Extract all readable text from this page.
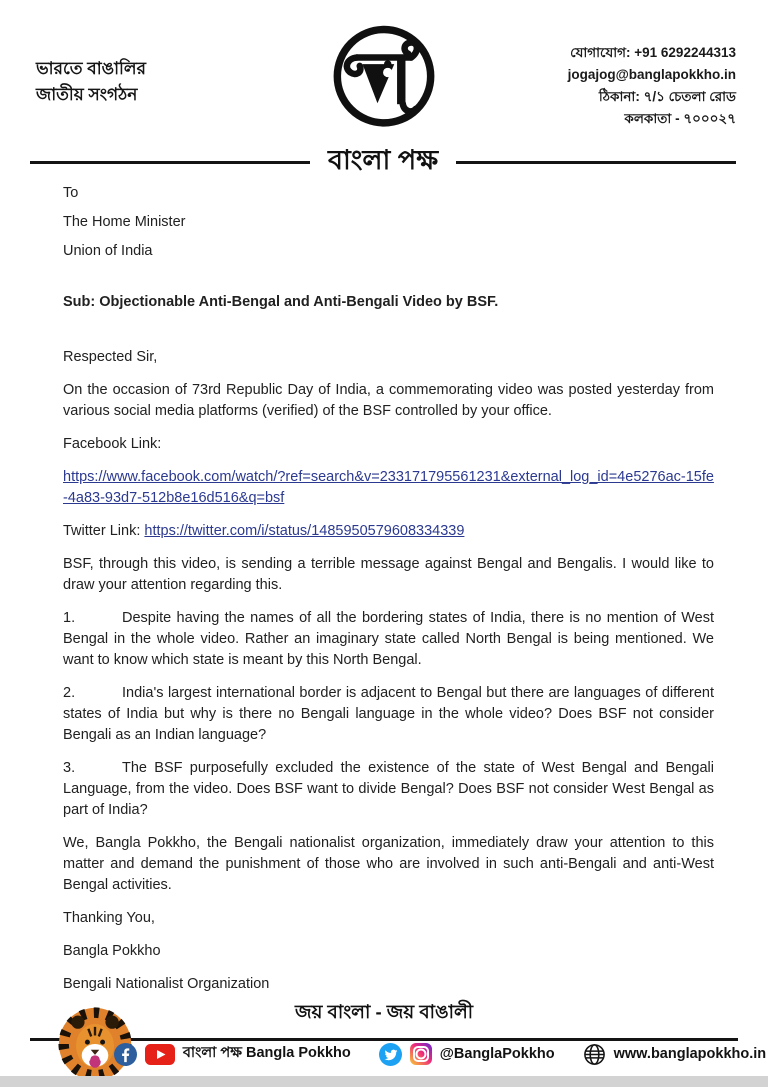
ভারতে বাঙালির
জাতীয় সংগঠন
যোগাযোগ: +91 6292244313
jogajog@banglapokkho.in
ঠিকানা: ৭/১ চেতলা রোড
কলকাতা - ৭০০০২৭
বাংলা পক্ষ

To

The Home Minister

Union of India

Sub: Objectionable Anti-Bengal and Anti-Bengali Video by BSF.

Respected Sir,

On the occasion of 73rd Republic Day of India, a commemorating video was posted yesterday from various social media platforms (verified) of the BSF controlled by your office.

Facebook Link:

https://www.facebook.com/watch/?ref=search&v=233171795561231&external_log_id=4e5276ac-15fe-4a83-93d7-512b8e16d516&q=bsf

Twitter Link: https://twitter.com/i/status/1485950579608334339

BSF, through this video, is sending a terrible message against Bengal and Bengalis. I would like to draw your attention regarding this.

1.	Despite having the names of all the bordering states of India, there is no mention of West Bengal in the whole video. Rather an imaginary state called North Bengal is being mentioned. We want to know which state is meant by this North Bengal.

2.	India's largest international border is adjacent to Bengal but there are languages of different states of India but why is there no Bengali language in the whole video? Does BSF not consider Bengali as an Indian language?

3.	The BSF purposefully excluded the existence of the state of West Bengal and Bengali Language, from the video. Does BSF want to divide Bengal? Does BSF not consider West Bengal as part of India?

We, Bangla Pokkho, the Bengali nationalist organization, immediately draw your attention to this matter and demand the punishment of those who are involved in such anti-Bengali and anti-West Bengal activities.

Thanking You,

Bangla Pokkho

Bengali Nationalist Organization

জয় বাংলা - জয় বাঙালী
বাংলা পক্ষ Bangla Pokkho	@BanglaPokkho	www.banglapokkho.in
